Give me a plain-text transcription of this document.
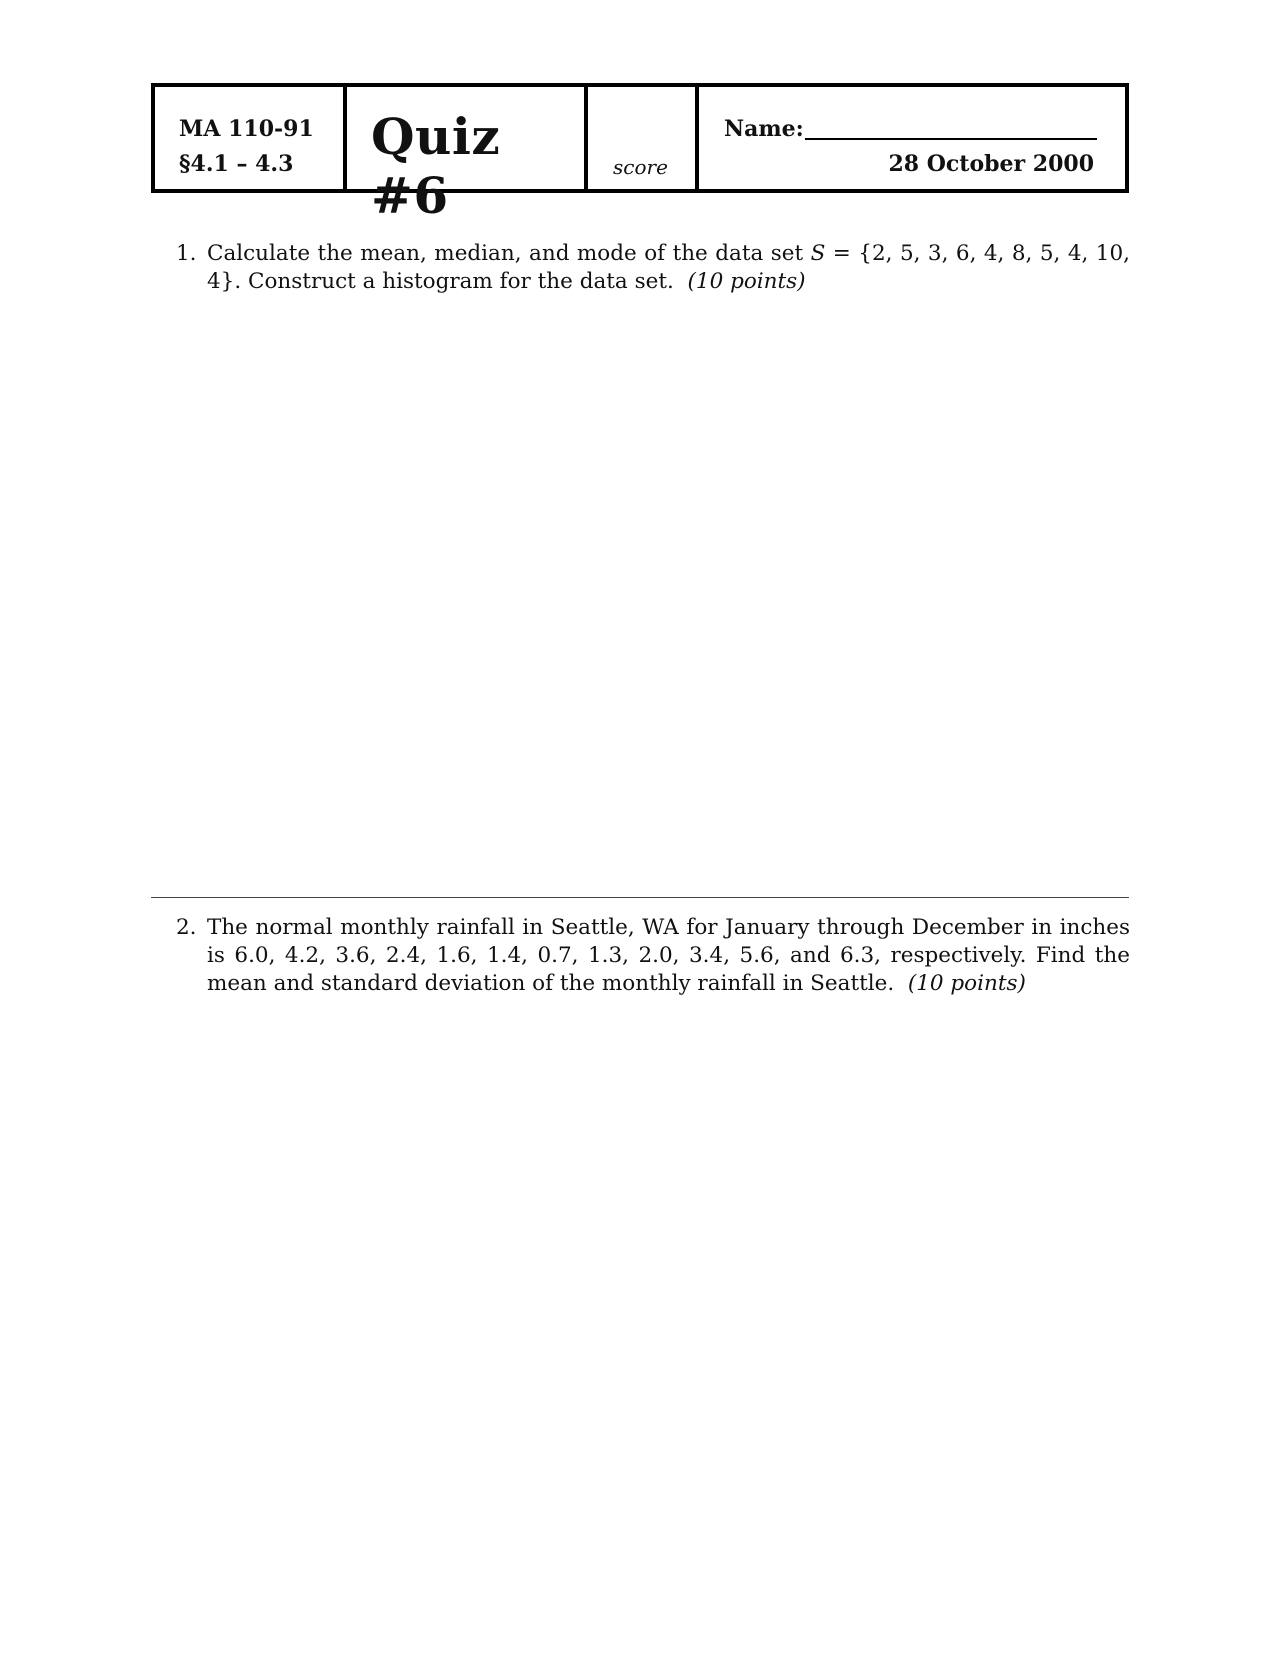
MA 110-91
§4.1 – 4.3 Quiz #6	score
Name:
28 October 2000
1. Calculate the mean, median, and mode of the data set S = {2, 5, 3, 6, 4, 8, 5, 4, 10, 4}. Construct a histogram for the data set. (10 points)
2. The normal monthly rainfall in Seattle, WA for January through December in inches is 6.0, 4.2, 3.6, 2.4, 1.6, 1.4, 0.7, 1.3, 2.0, 3.4, 5.6, and 6.3, respectively. Find the mean and standard deviation of the monthly rainfall in Seattle. (10 points)
